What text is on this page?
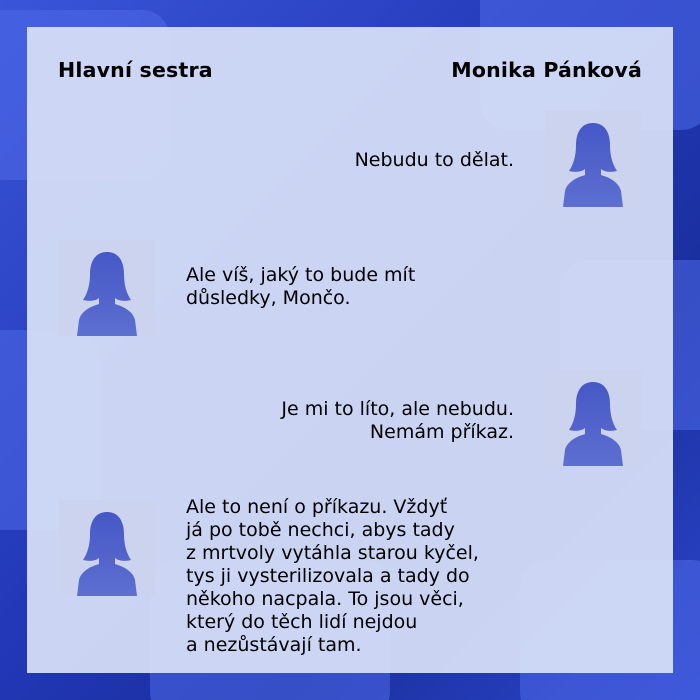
Hlavní sestra	Monika Pánková
Nebudu to dělat.
Ale víš, jaký to bude mít
důsledky, Mončo.
Je mi to líto, ale nebudu.
Nemám příkaz.
Ale to není o příkazu. Vždyť
já po tobě nechci, abys tady
z mrtvoly vytáhla starou kyčel,
tys ji vysterilizovala a tady do
někoho nacpala. To jsou věci,
který do těch lidí nejdou
a nezůstávají tam.
